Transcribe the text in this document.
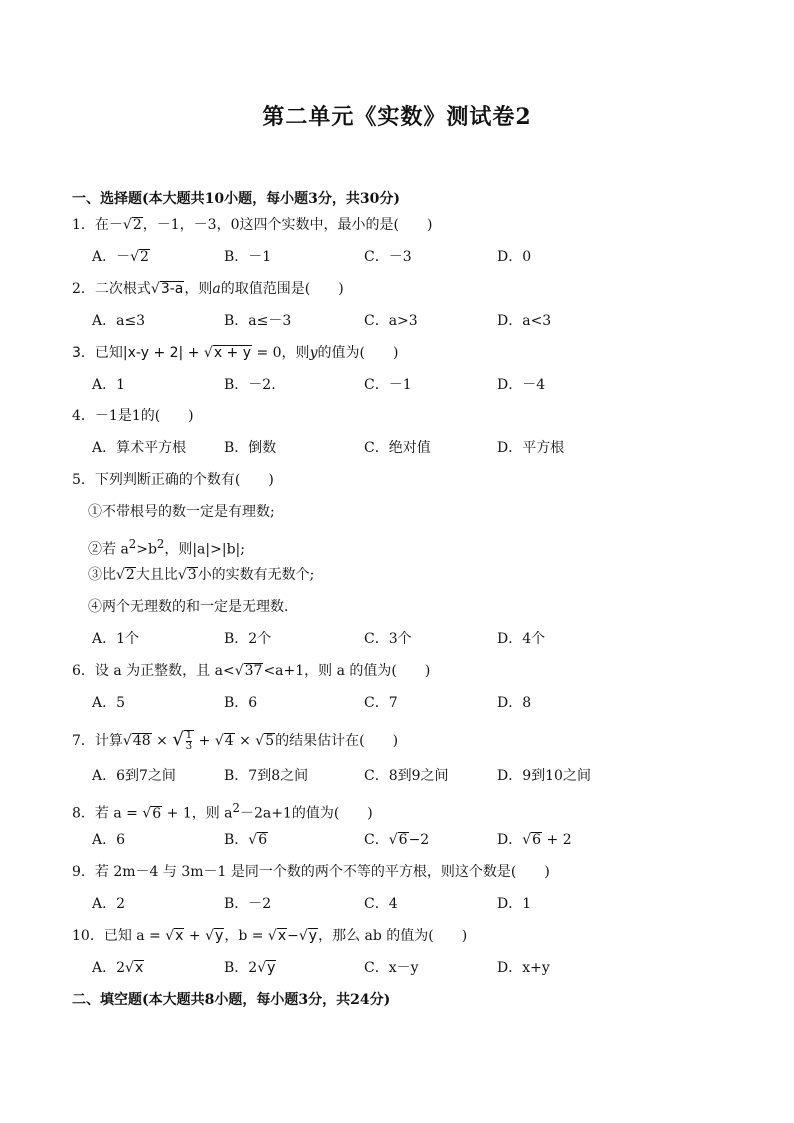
第二单元《实数》测试卷2
一、选择题(本大题共10小题，每小题3分，共30分)
1．在－√2，－1，－3，0这四个实数中，最小的是(　　)
A．－√2	B．－1	C．－3	D．0
2．二次根式√3-a，则a的取值范围是(　　)
A．a≤3	B．a≤－3	C．a>3	D．a<3
3．已知|x-y + 2| + √x + y = 0，则y的值为(　　)
A．1	B．－2.	C．－1	D．－4
4．－1是1的(　　)
A．算术平方根	B．倒数	C．绝对值	D．平方根
5．下列判断正确的个数有(　　)
①不带根号的数一定是有理数;
②若 $a^2>b^2$，则|a|>|b|;
③比√2大且比√3小的实数有无数个;
④两个无理数的和一定是无理数.
A．1个	B．2个	C．3个	D．4个
6．设 a 为正整数，且 a<√37<a+1，则 a 的值为(　　)
A．5	B．6	C．7	D．8
7．计算√48 × √ $\frac{1}{3} + √4 \times √5$的结果估计在(　　)
A．6到7之间	B．7到8之间	C．8到9之间	D．9到10之间
8．若 a = √6 + 1，则 $a^2-2a+1$的值为(　　)
A．6	B．√6	C．√6−2	D．√6 + 2
9．若 2m－4 与 3m－1 是同一个数的两个不等的平方根，则这个数是(　　)
A．2	B．－2	C．4	D．1
10．已知 a = √x + √y，b = √x−√y，那么 ab 的值为(　　)
A．2√x	B．2√y	C．x－y	D．x+y
二、填空题(本大题共8小题，每小题3分，共24分)
